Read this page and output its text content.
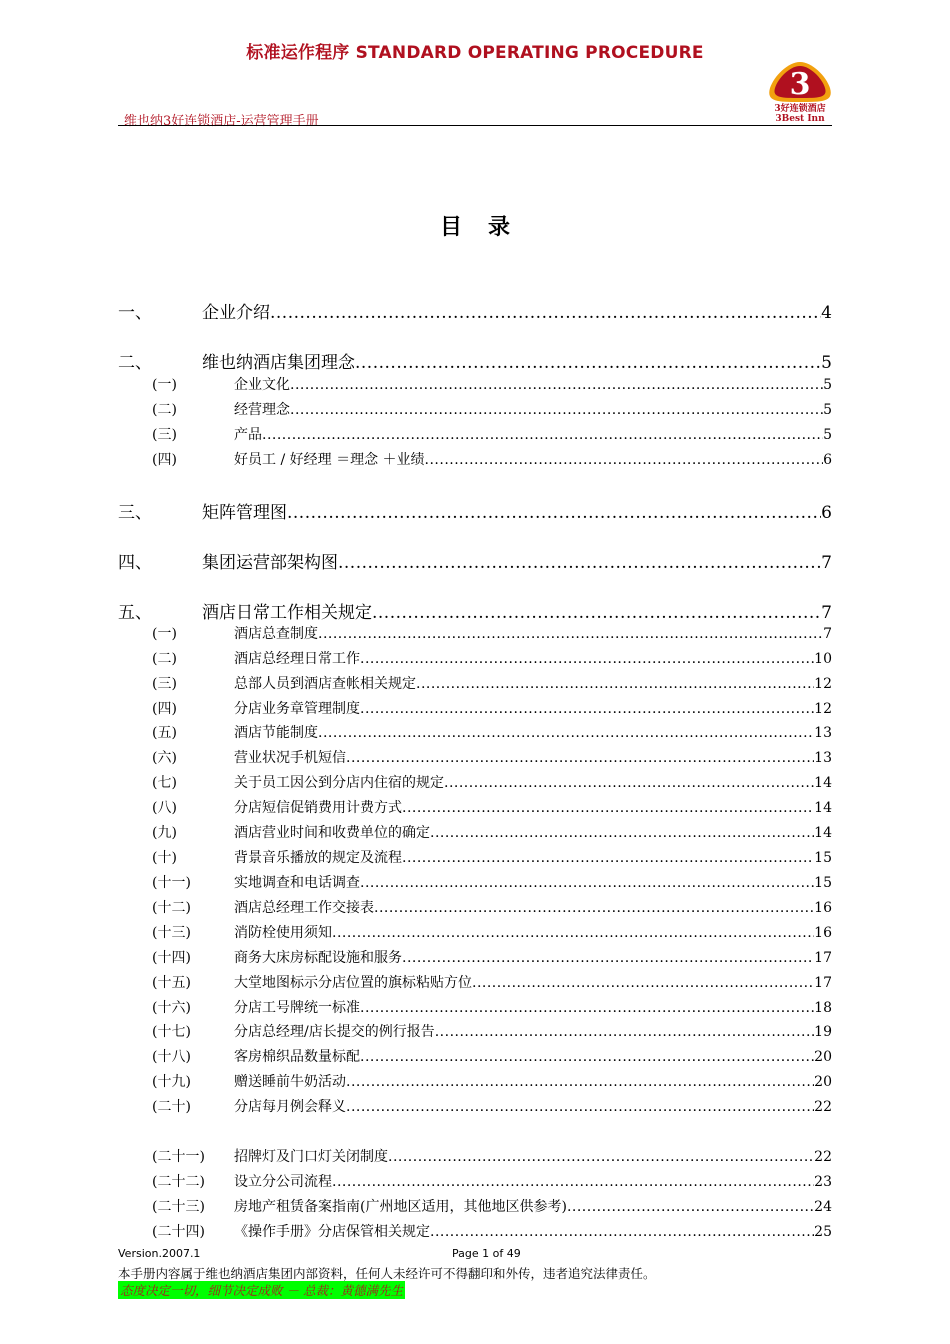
标准运作程序 STANDARD OPERATING PROCEDURE
3
3好连锁酒店
3Best Inn
维也纳3好连锁酒店-运营管理手册
目录
一、	企业介绍 .....	4
二、	维也纳酒店集团理念 .....	5
(一)	企业文化 .....	5
(二)	经营理念 .....	5
(三)	产品 .....	5
(四)	好员工 / 好经理 ＝理念 ＋业绩 .....	6
三、	矩阵管理图 .....	6
四、	集团运营部架构图 .....	7
五、	酒店日常工作相关规定 .....	7
(一)	酒店总查制度 .....	7
(二)	酒店总经理日常工作 .....	10
(三)	总部人员到酒店查帐相关规定 .....	12
(四)	分店业务章管理制度 .....	12
(五)	酒店节能制度 .....	13
(六)	营业状况手机短信 .....	13
(七)	关于员工因公到分店内住宿的规定 .....	14
(八)	分店短信促销费用计费方式 .....	14
(九)	酒店营业时间和收费单位的确定 .....	14
(十)	背景音乐播放的规定及流程 .....	15
(十一)	实地调查和电话调查 .....	15
(十二)	酒店总经理工作交接表 .....	16
(十三)	消防栓使用须知 .....	16
(十四)	商务大床房标配设施和服务 .....	17
(十五)	大堂地图标示分店位置的旗标粘贴方位 .....	17
(十六)	分店工号牌统一标准 .....	18
(十七)	分店总经理/店长提交的例行报告 .....	19
(十八)	客房棉织品数量标配 .....	20
(十九)	赠送睡前牛奶活动 .....	20
(二十)	分店每月例会释义 .....	22
(二十一)	招牌灯及门口灯关闭制度 .....	22
(二十二)	设立分公司流程 .....	23
(二十三)	房地产租赁备案指南(广州地区适用，其他地区供参考) .....	24
(二十四)	《操作手册》分店保管相关规定 .....	25
Version.2007.1	Page 1 of 49
本手册内容属于维也纳酒店集团内部资料，任何人未经许可不得翻印和外传，违者追究法律责任。
态度决定一切，细节决定成败 － 总裁：黄德满先生
